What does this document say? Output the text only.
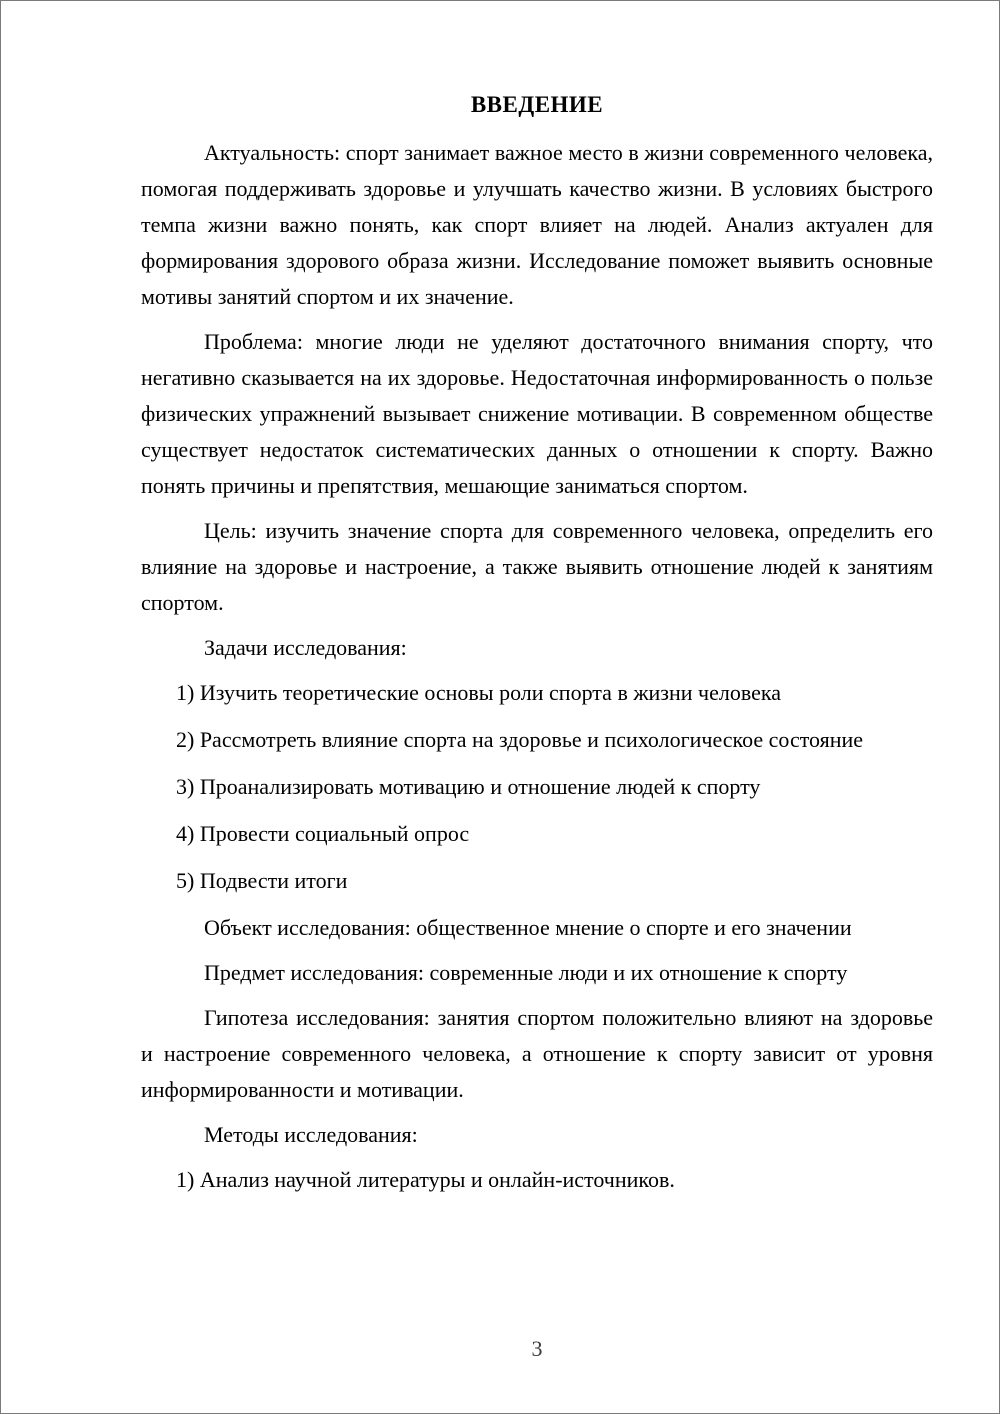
ВВЕДЕНИЕ

Актуальность: спорт занимает важное место в жизни современного человека, помогая поддерживать здоровье и улучшать качество жизни. В условиях быстрого темпа жизни важно понять, как спорт влияет на людей. Анализ актуален для формирования здорового образа жизни. Исследование поможет выявить основные мотивы занятий спортом и их значение.

Проблема: многие люди не уделяют достаточного внимания спорту, что негативно сказывается на их здоровье. Недостаточная информированность о пользе физических упражнений вызывает снижение мотивации. В современном обществе существует недостаток систематических данных о отношении к спорту. Важно понять причины и препятствия, мешающие заниматься спортом.

Цель: изучить значение спорта для современного человека, определить его влияние на здоровье и настроение, а также выявить отношение людей к занятиям спортом.

Задачи исследования:

1) Изучить теоретические основы роли спорта в жизни человека

2) Рассмотреть влияние спорта на здоровье и психологическое состояние

3) Проанализировать мотивацию и отношение людей к спорту

4) Провести социальный опрос

5) Подвести итоги

Объект исследования: общественное мнение о спорте и его значении

Предмет исследования: современные люди и их отношение к спорту

Гипотеза исследования: занятия спортом положительно влияют на здоровье и настроение современного человека, а отношение к спорту зависит от уровня информированности и мотивации.

Методы исследования:

1) Анализ научной литературы и онлайн-источников.

3
